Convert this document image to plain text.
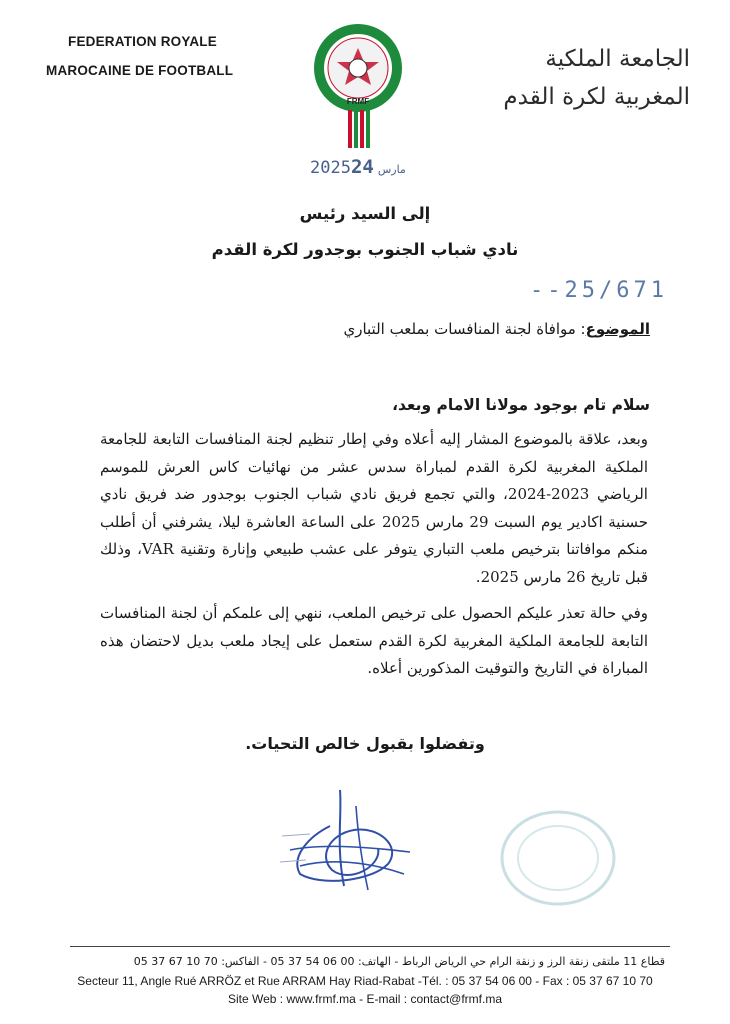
FEDERATION ROYALE
MAROCAINE DE FOOTBALL
FRMF
الجامعة الملكية
المغربية لكرة القدم
2025 مارس24
إلى السيد رئيس
نادي شباب الجنوب بوجدور لكرة القدم
--25/671
الموضوع: موافاة لجنة المنافسات بملعب التباري
سلام تام بوجود مولانا الامام وبعد،
وبعد، علاقة بالموضوع المشار إليه أعلاه وفي إطار تنظيم لجنة المنافسات التابعة للجامعة الملكية المغربية لكرة القدم لمباراة سدس عشر من نهائيات كاس العرش للموسم الرياضي 2023-2024، والتي تجمع فريق نادي شباب الجنوب بوجدور ضد فريق نادي حسنية اكادير يوم السبت 29 مارس 2025 على الساعة العاشرة ليلا، يشرفني أن أطلب منكم موافاتنا بترخيص ملعب التباري يتوفر على عشب طبيعي وإنارة وتقنية VAR، وذلك قبل تاريخ 26 مارس 2025.
وفي حالة تعذر عليكم الحصول على ترخيص الملعب، ننهي إلى علمكم أن لجنة المنافسات التابعة للجامعة الملكية المغربية لكرة القدم ستعمل على إيجاد ملعب بديل لاحتضان هذه المباراة في التاريخ والتوقيت المذكورين أعلاه.
وتفضلوا بقبول خالص التحيات.
قطاع 11 ملتقى زنقة الرز و زنقة الرام حي الرياض الرباط - الهاتف: 00 06 54 37 05 - الفاكس: 70 10 67 37 05
Secteur 11, Angle Rué ARRÖZ et Rue ARRAM Hay Riad-Rabat -Tél. : 05 37 54 06 00 - Fax : 05 37 67 10 70
Site Web : www.frmf.ma - E-mail : contact@frmf.ma
